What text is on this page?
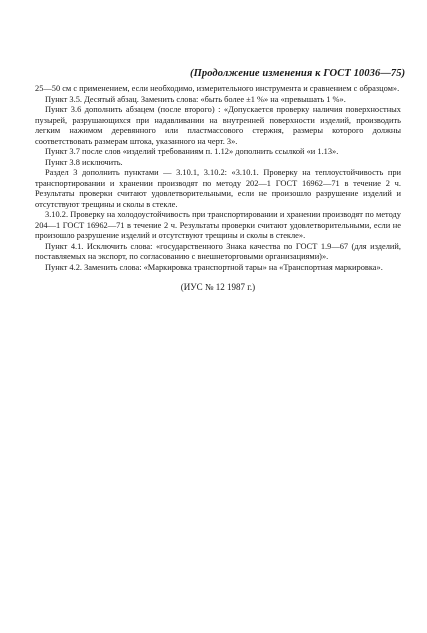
(Продолжение изменения к ГОСТ 10036—75)

25—50 см с применением, если необходимо, измерительного инструмента и сравнением с образцом».

Пункт 3.5. Десятый абзац. Заменить слова: «быть более ±1 %» на «превышать 1 %».

Пункт 3.6 дополнить абзацем (после второго) : «Допускается проверку наличия поверхностных пузырей, разрушающихся при надавливании на внутренней поверхности изделий, производить легким нажимом деревянного или пластмассового стержня, размеры которого должны соответствовать размерам штока, указанного на черт. 3».

Пункт 3.7 после слов «изделий требованиям п. 1.12» дополнить ссылкой «и 1.13».

Пункт 3.8 исключить.

Раздел 3 дополнить пунктами — 3.10.1, 3.10.2: «3.10.1. Проверку на теплоустойчивость при транспортировании и хранении производят по методу 202—1 ГОСТ 16962—71 в течение 2 ч. Результаты проверки считают удовлетворительными, если не произошло разрушение изделий и отсутствуют трещины и сколы в стекле.

3.10.2. Проверку на холодоустойчивость при транспортировании и хранении производят по методу 204—1 ГОСТ 16962—71 в течение 2 ч. Результаты проверки считают удовлетворительными, если не произошло разрушение изделий и отсутствуют трещины и сколы в стекле».

Пункт 4.1. Исключить слова: «государственного Знака качества по ГОСТ 1.9—67 (для изделий, поставляемых на экспорт, по согласованию с внешнеторговыми организациями)».

Пункт 4.2. Заменить слова: «Маркировка транспортной тары» на «Транспортная маркировка».

(ИУС № 12 1987 г.)
